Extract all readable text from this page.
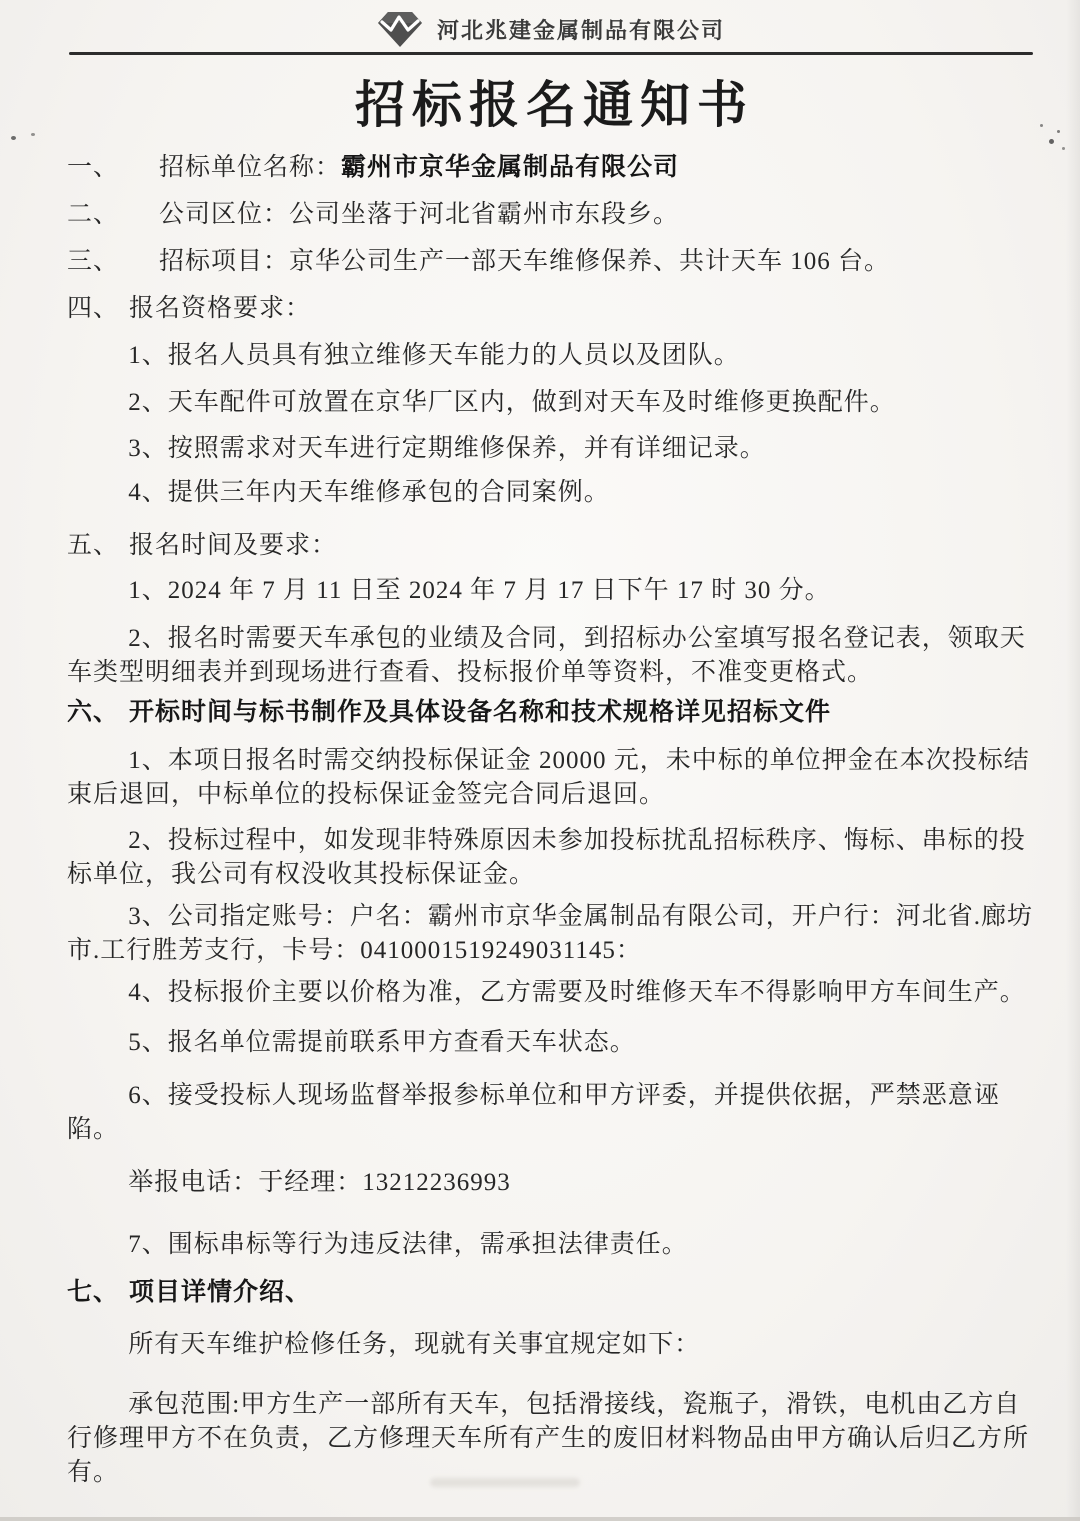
河北兆建金属制品有限公司
招标报名通知书
一、 招标单位名称：霸州市京华金属制品有限公司
二、 公司区位：公司坐落于河北省霸州市东段乡。
三、 招标项目：京华公司生产一部天车维修保养、共计天车 106 台。
四、 报名资格要求：

1、报名人员具有独立维修天车能力的人员以及团队。

2、天车配件可放置在京华厂区内，做到对天车及时维修更换配件。

3、按照需求对天车进行定期维修保养，并有详细记录。

4、提供三年内天车维修承包的合同案例。

五、 报名时间及要求：

1、2024 年 7 月 11 日至 2024 年 7 月 17 日下午 17 时 30 分。

2、报名时需要天车承包的业绩及合同，到招标办公室填写报名登记表，领取天车类型明细表并到现场进行查看、投标报价单等资料，不准变更格式。

六、 开标时间与标书制作及具体设备名称和技术规格详见招标文件

1、本项日报名时需交纳投标保证金 20000 元，未中标的单位押金在本次投标结束后退回，中标单位的投标保证金签完合同后退回。

2、投标过程中，如发现非特殊原因未参加投标扰乱招标秩序、悔标、串标的投标单位，我公司有权没收其投标保证金。

3、公司指定账号：户名：霸州市京华金属制品有限公司，开户行：河北省.廊坊市.工行胜芳支行，卡号：0410001519249031145：

4、投标报价主要以价格为准，乙方需要及时维修天车不得影响甲方车间生产。

5、报名单位需提前联系甲方查看天车状态。

6、接受投标人现场监督举报参标单位和甲方评委，并提供依据，严禁恶意诬陷。

举报电话：于经理：13212236993

7、围标串标等行为违反法律，需承担法律责任。

七、 项目详情介绍、

所有天车维护检修任务，现就有关事宜规定如下：

承包范围:甲方生产一部所有天车，包括滑接线，瓷瓶子，滑铁，电机由乙方自行修理甲方不在负责，乙方修理天车所有产生的废旧材料物品由甲方确认后归乙方所有。
